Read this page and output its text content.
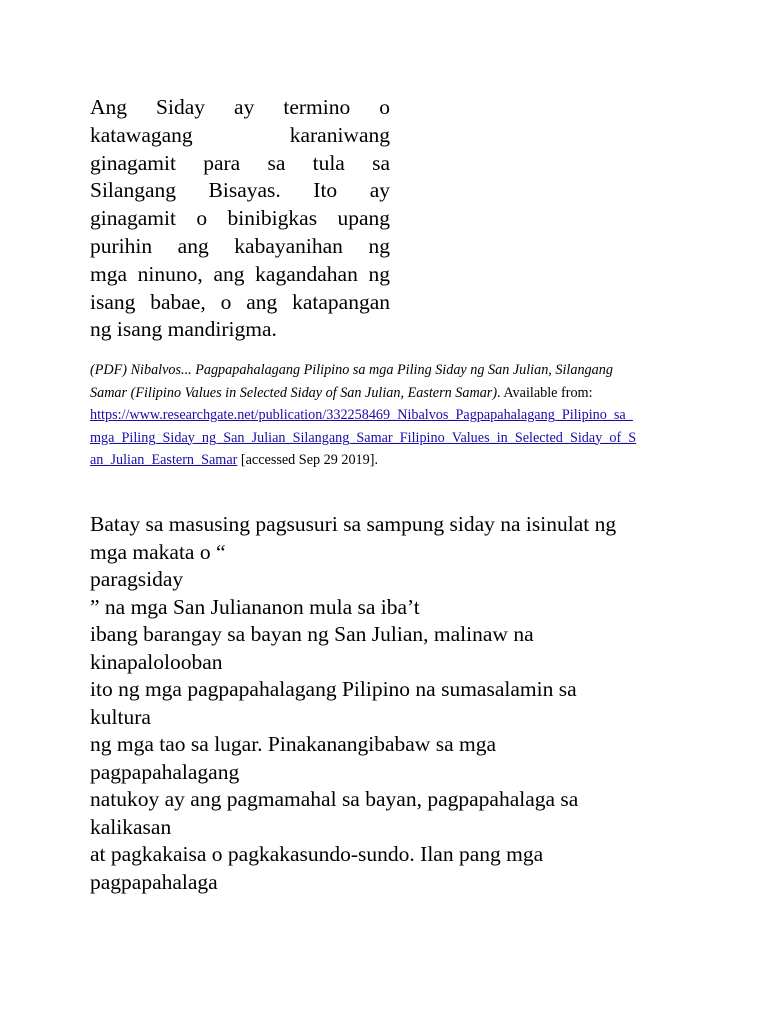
Ang Siday ay termino o
katawagang karaniwang
ginagamit para sa tula sa
Silangang Bisayas. Ito ay
ginagamit o binibigkas upang
purihin ang kabayanihan ng
mga ninuno, ang kagandahan ng
isang babae, o ang katapangan
ng isang mandirigma.
(PDF) Nibalvos... Pagpapahalagang Pilipino sa mga Piling Siday ng San Julian, Silangang
Samar (Filipino Values in Selected Siday of San Julian, Eastern Samar). Available from:
https://www.researchgate.net/publication/332258469_Nibalvos_Pagpapahalagang_Pilipino_sa_
mga_Piling_Siday_ng_San_Julian_Silangang_Samar_Filipino_Values_in_Selected_Siday_of_S
an_Julian_Eastern_Samar [accessed Sep 29 2019].
Batay sa masusing pagsusuri sa sampung siday na isinulat ng
mga makata o “
paragsiday
” na mga San Juliananon mula sa iba’t
ibang barangay sa bayan ng San Julian, malinaw na
kinapalolooban
ito ng mga pagpapahalagang Pilipino na sumasalamin sa
kultura
ng mga tao sa lugar. Pinakanangibabaw sa mga
pagpapahalagang
natukoy ay ang pagmamahal sa bayan, pagpapahalaga sa
kalikasan
at pagkakaisa o pagkakasundo-sundo. Ilan pang mga
pagpapahalaga
